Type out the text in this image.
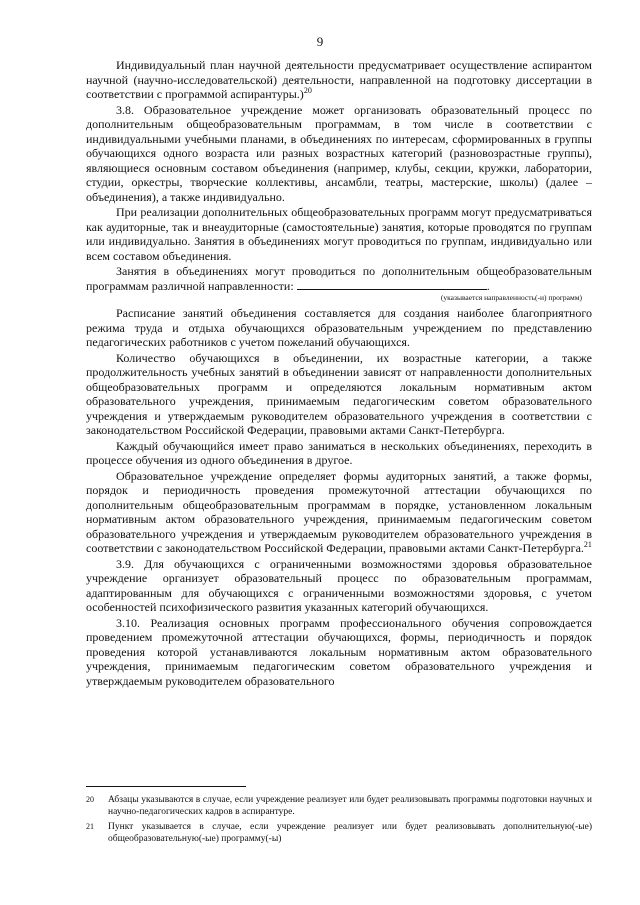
9

Индивидуальный план научной деятельности предусматривает осуществление аспирантом научной (научно-исследовательской) деятельности, направленной на подготовку диссертации в соответствии с программой аспирантуры.)$^{20}$

3.8. Образовательное учреждение может организовать образовательный процесс по дополнительным общеобразовательным программам, в том числе в соответствии с индивидуальными учебными планами, в объединениях по интересам, сформированных в группы обучающихся одного возраста или разных возрастных категорий (разновозрастные группы), являющиеся основным составом объединения (например, клубы, секции, кружки, лаборатории, студии, оркестры, творческие коллективы, ансамбли, театры, мастерские, школы) (далее – объединения), а также индивидуально.

При реализации дополнительных общеобразовательных программ могут предусматриваться как аудиторные, так и внеаудиторные (самостоятельные) занятия, которые проводятся по группам или индивидуально. Занятия в объединениях могут проводиться по группам, индивидуально или всем составом объединения.

Занятия в объединениях могут проводиться по дополнительным общеобразовательным программам различной направленности:	.

(указывается направленность(-и) программ)

Расписание занятий объединения составляется для создания наиболее благоприятного режима труда и отдыха обучающихся образовательным учреждением по представлению педагогических работников с учетом пожеланий обучающихся.

Количество обучающихся в объединении, их возрастные категории, а также продолжительность учебных занятий в объединении зависят от направленности дополнительных общеобразовательных программ и определяются локальным нормативным актом образовательного учреждения, принимаемым педагогическим советом образовательного учреждения и утверждаемым руководителем образовательного учреждения в соответствии с законодательством Российской Федерации, правовыми актами Санкт-Петербурга.

Каждый обучающийся имеет право заниматься в нескольких объединениях, переходить в процессе обучения из одного объединения в другое.

Образовательное учреждение определяет формы аудиторных занятий, а также формы, порядок и периодичность проведения промежуточной аттестации обучающихся по дополнительным общеобразовательным программам в порядке, установленном локальным нормативным актом образовательного учреждения, принимаемым педагогическим советом образовательного учреждения и утверждаемым руководителем образовательного учреждения в соответствии с законодательством Российской Федерации, правовыми актами Санкт-Петербурга.$^{21}$

3.9. Для обучающихся с ограниченными возможностями здоровья образовательное учреждение организует образовательный процесс по образовательным программам, адаптированным для обучающихся с ограниченными возможностями здоровья, с учетом особенностей психофизического развития указанных категорий обучающихся.

3.10. Реализация основных программ профессионального обучения сопровождается проведением промежуточной аттестации обучающихся, формы, периодичность и порядок проведения которой устанавливаются локальным нормативным актом образовательного учреждения, принимаемым педагогическим советом образовательного учреждения и утверждаемым руководителем образовательного

20	Абзацы указываются в случае, если учреждение реализует или будет реализовывать программы подготовки научных и научно-педагогических кадров в аспирантуре.
21	Пункт указывается в случае, если учреждение реализует или будет реализовывать дополнительную(-ые) общеобразовательную(-ые) программу(-ы)
